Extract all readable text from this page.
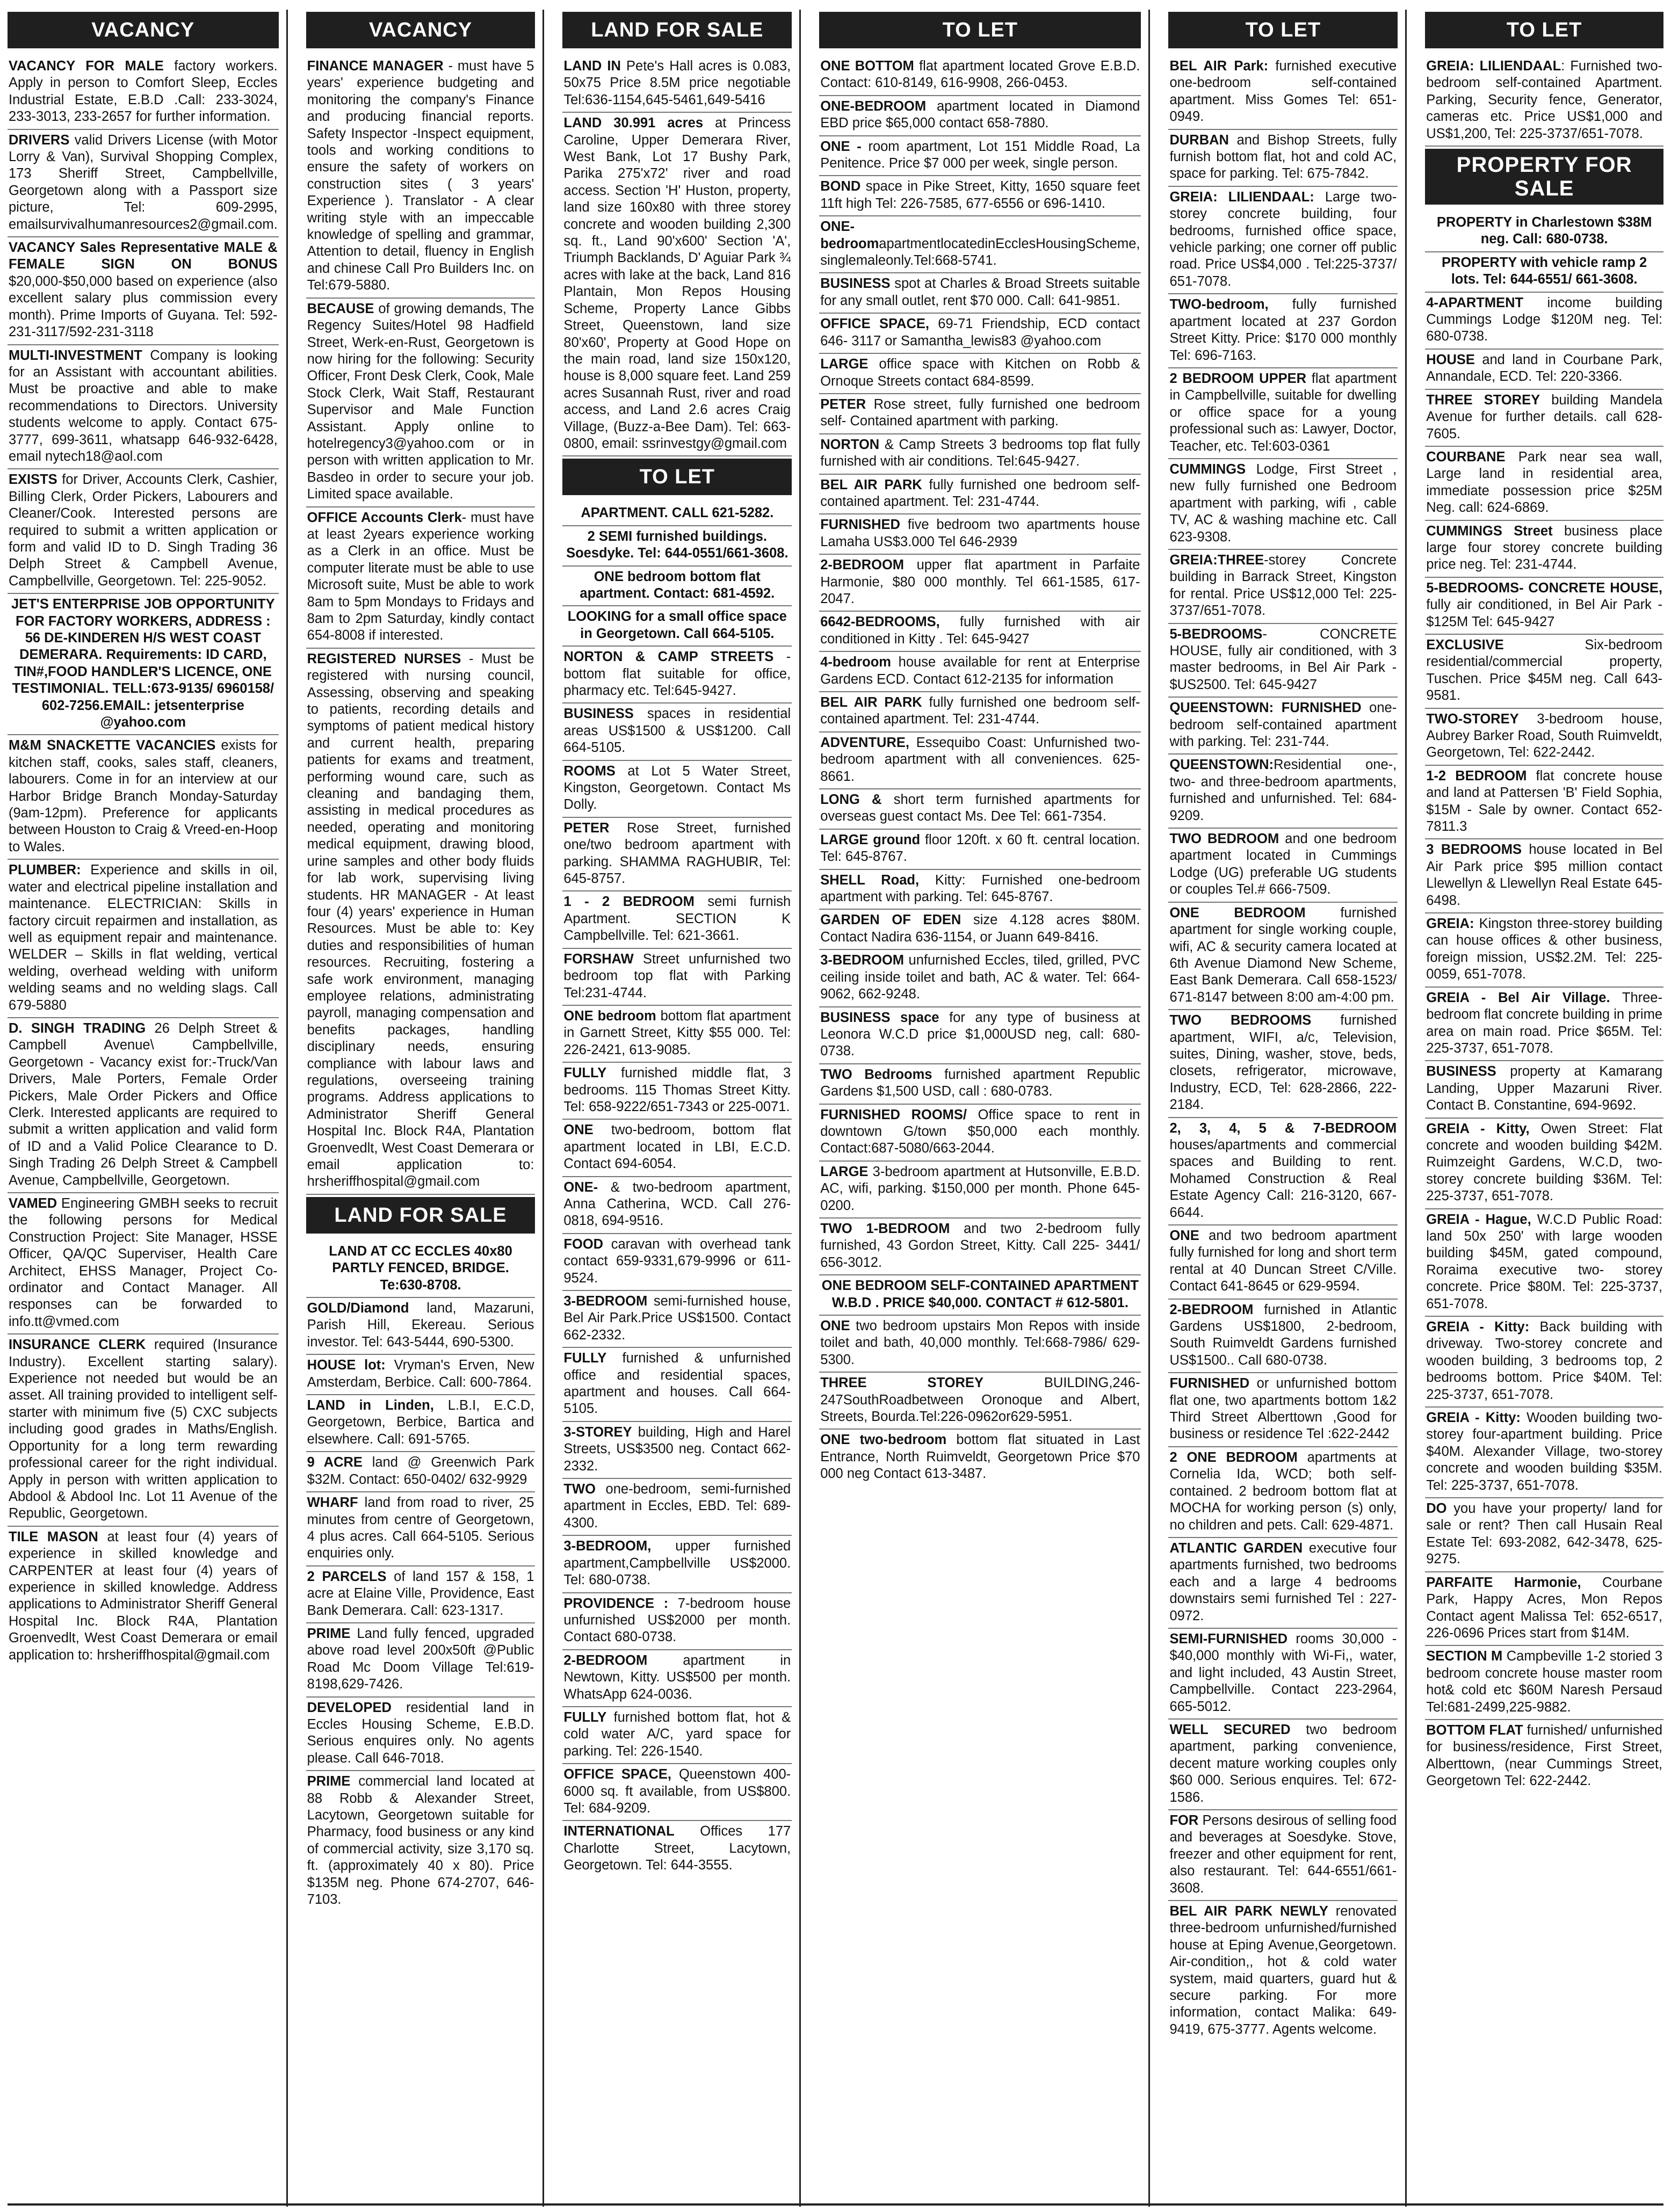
VACANCY

VACANCY FOR MALE factory workers. Apply in person to Comfort Sleep, Eccles Industrial Estate, E.B.D .Call: 233-3024, 233-3013, 233-2657 for further information.

DRIVERS valid Drivers License (with Motor Lorry & Van), Survival Shopping Complex, 173 Sheriff Street, Campbellville, Georgetown along with a Passport size picture, Tel: 609-2995, emailsurvivalhumanresources2@gmail.com.

VACANCY Sales Representative MALE & FEMALE SIGN ON BONUS $20,000-$50,000 based on experience (also excellent salary plus commission every month). Prime Imports of Guyana. Tel: 592-231-3117/592-231-3118

MULTI-INVESTMENT Company is looking for an Assistant with accountant abilities. Must be proactive and able to make recommendations to Directors. University students welcome to apply. Contact 675-3777, 699-3611, whatsapp 646-932-6428, email nytech18@aol.com

EXISTS for Driver, Accounts Clerk, Cashier, Billing Clerk, Order Pickers, Labourers and Cleaner/Cook. Interested persons are required to submit a written application or form and valid ID to D. Singh Trading 36 Delph Street & Campbell Avenue, Campbellville, Georgetown. Tel: 225-9052.

JET'S ENTERPRISE JOB OPPORTUNITY FOR FACTORY WORKERS, ADDRESS : 56 DE-KINDEREN H/S WEST COAST DEMERARA. Requirements: ID CARD, TIN#,FOOD HANDLER'S LICENCE, ONE TESTIMONIAL. TELL:673-9135/ 6960158/ 602-7256.EMAIL: jetsenterprise @yahoo.com

M&M SNACKETTE VACANCIES exists for kitchen staff, cooks, sales staff, cleaners, labourers. Come in for an interview at our Harbor Bridge Branch Monday-Saturday (9am-12pm). Preference for applicants between Houston to Craig & Vreed-en-Hoop to Wales.

PLUMBER: Experience and skills in oil, water and electrical pipeline installation and maintenance. ELECTRICIAN: Skills in factory circuit repairmen and installation, as well as equipment repair and maintenance. WELDER – Skills in flat welding, vertical welding, overhead welding with uniform welding seams and no welding slags. Call 679-5880

D. SINGH TRADING 26 Delph Street & Campbell Avenue\ Campbellville, Georgetown - Vacancy exist for:-Truck/Van Drivers, Male Porters, Female Order Pickers, Male Order Pickers and Office Clerk. Interested applicants are required to submit a written application and valid form of ID and a Valid Police Clearance to D. Singh Trading 26 Delph Street & Campbell Avenue, Campbellville, Georgetown.

VAMED Engineering GMBH seeks to recruit the following persons for Medical Construction Project: Site Manager, HSSE Officer, QA/QC Superviser, Health Care Architect, EHSS Manager, Project Co-ordinator and Contact Manager. All responses can be forwarded to info.tt@vmed.com

INSURANCE CLERK required (Insurance Industry). Excellent starting salary). Experience not needed but would be an asset. All training provided to intelligent self-starter with minimum five (5) CXC subjects including good grades in Maths/English. Opportunity for a long term rewarding professional career for the right individual. Apply in person with written application to Abdool & Abdool Inc. Lot 11 Avenue of the Republic, Georgetown.

TILE MASON at least four (4) years of experience in skilled knowledge and CARPENTER at least four (4) years of experience in skilled knowledge. Address applications to Administrator Sheriff General Hospital Inc. Block R4A, Plantation Groenvedlt, West Coast Demerara or email application to: hrsheriffhospital@gmail.com

VACANCY

FINANCE MANAGER - must have 5 years' experience budgeting and monitoring the company's Finance and producing financial reports. Safety Inspector -Inspect equipment, tools and working conditions to ensure the safety of workers on construction sites ( 3 years' Experience ). Translator - A clear writing style with an impeccable knowledge of spelling and grammar, Attention to detail, fluency in English and chinese Call Pro Builders Inc. on Tel:679-5880.

BECAUSE of growing demands, The Regency Suites/Hotel 98 Hadfield Street, Werk-en-Rust, Georgetown is now hiring for the following: Security Officer, Front Desk Clerk, Cook, Male Stock Clerk, Wait Staff, Restaurant Supervisor and Male Function Assistant. Apply online to hotelregency3@yahoo.com or in person with written application to Mr. Basdeo in order to secure your job. Limited space available.

OFFICE Accounts Clerk- must have at least 2years experience working as a Clerk in an office. Must be computer literate must be able to use Microsoft suite, Must be able to work 8am to 5pm Mondays to Fridays and 8am to 2pm Saturday, kindly contact 654-8008 if interested.

REGISTERED NURSES - Must be registered with nursing council, Assessing, observing and speaking to patients, recording details and symptoms of patient medical history and current health, preparing patients for exams and treatment, performing wound care, such as cleaning and bandaging them, assisting in medical procedures as needed, operating and monitoring medical equipment, drawing blood, urine samples and other body fluids for lab work, supervising living students. HR MANAGER - At least four (4) years' experience in Human Resources. Must be able to: Key duties and responsibilities of human resources. Recruiting, fostering a safe work environment, managing employee relations, administrating payroll, managing compensation and benefits packages, handling disciplinary needs, ensuring compliance with labour laws and regulations, overseeing training programs. Address applications to Administrator Sheriff General Hospital Inc. Block R4A, Plantation Groenvedlt, West Coast Demerara or email application to: hrsheriffhospital@gmail.com

LAND FOR SALE

LAND AT CC ECCLES 40x80 PARTLY FENCED, BRIDGE. Te:630-8708.

GOLD/Diamond land, Mazaruni, Parish Hill, Ekereau. Serious investor. Tel: 643-5444, 690-5300.

HOUSE lot: Vryman's Erven, New Amsterdam, Berbice. Call: 600-7864.

LAND in Linden, L.B.I, E.C.D, Georgetown, Berbice, Bartica and elsewhere. Call: 691-5765.

9 ACRE land @ Greenwich Park $32M. Contact: 650-0402/ 632-9929

WHARF land from road to river, 25 minutes from centre of Georgetown, 4 plus acres. Call 664-5105. Serious enquiries only.

2 PARCELS of land 157 & 158, 1 acre at Elaine Ville, Providence, East Bank Demerara. Call: 623-1317.

PRIME Land fully fenced, upgraded above road level 200x50ft @Public Road Mc Doom Village Tel:619-8198,629-7426.

DEVELOPED residential land in Eccles Housing Scheme, E.B.D. Serious enquires only. No agents please. Call 646-7018.

PRIME commercial land located at 88 Robb & Alexander Street, Lacytown, Georgetown suitable for Pharmacy, food business or any kind of commercial activity, size 3,170 sq. ft. (approximately 40 x 80). Price $135M neg. Phone 674-2707, 646-7103.

LAND FOR SALE

LAND IN Pete's Hall acres is 0.083, 50x75 Price 8.5M price negotiable Tel:636-1154,645-5461,649-5416

LAND 30.991 acres at Princess Caroline, Upper Demerara River, West Bank, Lot 17 Bushy Park, Parika 275'x72' river and road access. Section 'H' Huston, property, land size 160x80 with three storey concrete and wooden building 2,300 sq. ft., Land 90'x600' Section 'A', Triumph Backlands, D' Aguiar Park ¾ acres with lake at the back, Land 816 Plantain, Mon Repos Housing Scheme, Property Lance Gibbs Street, Queenstown, land size 80'x60', Property at Good Hope on the main road, land size 150x120, house is 8,000 square feet. Land 259 acres Susannah Rust, river and road access, and Land 2.6 acres Craig Village, (Buzz-a-Bee Dam). Tel: 663-0800, email: ssrinvestgy@gmail.com

TO LET

APARTMENT. CALL 621-5282.

2 SEMI furnished buildings. Soesdyke. Tel: 644-0551/661-3608.

ONE bedroom bottom flat apartment. Contact: 681-4592.

LOOKING for a small office space in Georgetown. Call 664-5105.

NORTON & CAMP STREETS - bottom flat suitable for office, pharmacy etc. Tel:645-9427.

BUSINESS spaces in residential areas US$1500 & US$1200. Call 664-5105.

ROOMS at Lot 5 Water Street, Kingston, Georgetown. Contact Ms Dolly.

PETER Rose Street, furnished one/two bedroom apartment with parking. SHAMMA RAGHUBIR, Tel: 645-8757.

1 - 2 BEDROOM semi furnish Apartment. SECTION K Campbellville. Tel: 621-3661.

FORSHAW Street unfurnished two bedroom top flat with Parking Tel:231-4744.

ONE bedroom bottom flat apartment in Garnett Street, Kitty $55 000. Tel: 226-2421, 613-9085.

FULLY furnished middle flat, 3 bedrooms. 115 Thomas Street Kitty. Tel: 658-9222/651-7343 or 225-0071.

ONE two-bedroom, bottom flat apartment located in LBI, E.C.D. Contact 694-6054.

ONE- & two-bedroom apartment, Anna Catherina, WCD. Call 276-0818, 694-9516.

FOOD caravan with overhead tank contact 659-9331,679-9996 or 611-9524.

3-BEDROOM semi-furnished house, Bel Air Park.Price US$1500. Contact 662-2332.

FULLY furnished & unfurnished office and residential spaces, apartment and houses. Call 664-5105.

3-STOREY building, High and Harel Streets, US$3500 neg. Contact 662-2332.

TWO one-bedroom, semi-furnished apartment in Eccles, EBD. Tel: 689-4300.

3-BEDROOM, upper furnished apartment,Campbellville US$2000. Tel: 680-0738.

PROVIDENCE : 7-bedroom house unfurnished US$2000 per month. Contact 680-0738.

2-BEDROOM apartment in Newtown, Kitty. US$500 per month. WhatsApp 624-0036.

FULLY furnished bottom flat, hot & cold water A/C, yard space for parking. Tel: 226-1540.

OFFICE SPACE, Queenstown 400-6000 sq. ft available, from US$800. Tel: 684-9209.

INTERNATIONAL Offices 177 Charlotte Street, Lacytown, Georgetown. Tel: 644-3555.

TO LET

ONE BOTTOM flat apartment located Grove E.B.D. Contact: 610-8149, 616-9908, 266-0453.

ONE-BEDROOM apartment located in Diamond EBD price $65,000 contact 658-7880.

ONE - room apartment, Lot 151 Middle Road, La Penitence. Price $7 000 per week, single person.

BOND space in Pike Street, Kitty, 1650 square feet 11ft high Tel: 226-7585, 677-6556 or 696-1410.

ONE-bedroomapartmentlocatedinEcclesHousingScheme, singlemaleonly.Tel:668-5741.

BUSINESS spot at Charles & Broad Streets suitable for any small outlet, rent $70 000. Call: 641-9851.

OFFICE SPACE, 69-71 Friendship, ECD contact 646- 3117 or Samantha_lewis83 @yahoo.com

LARGE office space with Kitchen on Robb & Ornoque Streets contact 684-8599.

PETER Rose street, fully furnished one bedroom self- Contained apartment with parking.

NORTON & Camp Streets 3 bedrooms top flat fully furnished with air conditions. Tel:645-9427.

BEL AIR PARK fully furnished one bedroom self-contained apartment. Tel: 231-4744.

FURNISHED five bedroom two apartments house Lamaha US$3.000 Tel 646-2939

2-BEDROOM upper flat apartment in Parfaite Harmonie, $80 000 monthly. Tel 661-1585, 617-2047.

6642-BEDROOMS, fully furnished with air conditioned in Kitty . Tel: 645-9427

4-bedroom house available for rent at Enterprise Gardens ECD. Contact 612-2135 for information

BEL AIR PARK fully furnished one bedroom self-contained apartment. Tel: 231-4744.

ADVENTURE, Essequibo Coast: Unfurnished two-bedroom apartment with all conveniences. 625-8661.

LONG & short term furnished apartments for overseas guest contact Ms. Dee Tel: 661-7354.

LARGE ground floor 120ft. x 60 ft. central location. Tel: 645-8767.

SHELL Road, Kitty: Furnished one-bedroom apartment with parking. Tel: 645-8767.

GARDEN OF EDEN size 4.128 acres $80M. Contact Nadira 636-1154, or Juann 649-8416.

3-BEDROOM unfurnished Eccles, tiled, grilled, PVC ceiling inside toilet and bath, AC & water. Tel: 664-9062, 662-9248.

BUSINESS space for any type of business at Leonora W.C.D price $1,000USD neg, call: 680-0738.

TWO Bedrooms furnished apartment Republic Gardens $1,500 USD, call : 680-0783.

FURNISHED ROOMS/ Office space to rent in downtown G/town $50,000 each monthly. Contact:687-5080/663-2044.

LARGE 3-bedroom apartment at Hutsonville, E.B.D. AC, wifi, parking. $150,000 per month. Phone 645-0200.

TWO 1-BEDROOM and two 2-bedroom fully furnished, 43 Gordon Street, Kitty. Call 225- 3441/ 656-3012.

ONE BEDROOM SELF-CONTAINED APARTMENT W.B.D . PRICE $40,000. CONTACT # 612-5801.

ONE two bedroom upstairs Mon Repos with inside toilet and bath, 40,000 monthly. Tel:668-7986/ 629-5300.

THREE STOREY BUILDING,246-247SouthRoadbetween Oronoque and Albert, Streets, Bourda.Tel:226-0962or629-5951.

ONE two-bedroom bottom flat situated in Last Entrance, North Ruimveldt, Georgetown Price $70 000 neg Contact 613-3487.

TO LET

BEL AIR Park: furnished executive one-bedroom self-contained apartment. Miss Gomes Tel: 651-0949.

DURBAN and Bishop Streets, fully furnish bottom flat, hot and cold AC, space for parking. Tel: 675-7842.

GREIA: LILIENDAAL: Large two-storey concrete building, four bedrooms, furnished office space, vehicle parking; one corner off public road. Price US$4,000 . Tel:225-3737/ 651-7078.

TWO-bedroom, fully furnished apartment located at 237 Gordon Street Kitty. Price: $170 000 monthly Tel: 696-7163.

2 BEDROOM UPPER flat apartment in Campbellville, suitable for dwelling or office space for a young professional such as: Lawyer, Doctor, Teacher, etc. Tel:603-0361

CUMMINGS Lodge, First Street , new fully furnished one Bedroom apartment with parking, wifi , cable TV, AC & washing machine etc. Call 623-9308.

GREIA:THREE-storey Concrete building in Barrack Street, Kingston for rental. Price US$12,000 Tel: 225-3737/651-7078.

5-BEDROOMS- CONCRETE HOUSE, fully air conditioned, with 3 master bedrooms, in Bel Air Park - $US2500. Tel: 645-9427

QUEENSTOWN: FURNISHED one-bedroom self-contained apartment with parking. Tel: 231-744.

QUEENSTOWN:Residential one-, two- and three-bedroom apartments, furnished and unfurnished. Tel: 684-9209.

TWO BEDROOM and one bedroom apartment located in Cummings Lodge (UG) preferable UG students or couples Tel.# 666-7509.

ONE BEDROOM furnished apartment for single working couple, wifi, AC & security camera located at 6th Avenue Diamond New Scheme, East Bank Demerara. Call 658-1523/ 671-8147 between 8:00 am-4:00 pm.

TWO BEDROOMS furnished apartment, WIFI, a/c, Television, suites, Dining, washer, stove, beds, closets, refrigerator, microwave, Industry, ECD, Tel: 628-2866, 222-2184.

2, 3, 4, 5 & 7-BEDROOM houses/apartments and commercial spaces and Building to rent. Mohamed Construction & Real Estate Agency Call: 216-3120, 667-6644.

ONE and two bedroom apartment fully furnished for long and short term rental at 40 Duncan Street C/Ville. Contact 641-8645 or 629-9594.

2-BEDROOM furnished in Atlantic Gardens US$1800, 2-bedroom, South Ruimveldt Gardens furnished US$1500.. Call 680-0738.

FURNISHED or unfurnished bottom flat one, two apartments bottom 1&2 Third Street Alberttown ,Good for business or residence Tel :622-2442

2 ONE BEDROOM apartments at Cornelia Ida, WCD; both self-contained. 2 bedroom bottom flat at MOCHA for working person (s) only, no children and pets. Call: 629-4871.

ATLANTIC GARDEN executive four apartments furnished, two bedrooms each and a large 4 bedrooms downstairs semi furnished Tel : 227-0972.

SEMI-FURNISHED rooms 30,000 - $40,000 monthly with Wi-Fi,, water, and light included, 43 Austin Street, Campbellville. Contact 223-2964, 665-5012.

WELL SECURED two bedroom apartment, parking convenience, decent mature working couples only $60 000. Serious enquires. Tel: 672-1586.

FOR Persons desirous of selling food and beverages at Soesdyke. Stove, freezer and other equipment for rent, also restaurant. Tel: 644-6551/661-3608.

BEL AIR PARK NEWLY renovated three-bedroom unfurnished/furnished house at Eping Avenue,Georgetown. Air-condition,, hot & cold water system, maid quarters, guard hut & secure parking. For more information, contact Malika: 649-9419, 675-3777. Agents welcome.

TO LET

GREIA: LILIENDAAL: Furnished two-bedroom self-contained Apartment. Parking, Security fence, Generator, cameras etc. Price US$1,000 and US$1,200, Tel: 225-3737/651-7078.

PROPERTY FOR SALE

PROPERTY in Charlestown $38M neg. Call: 680-0738.

PROPERTY with vehicle ramp 2 lots. Tel: 644-6551/ 661-3608.

4-APARTMENT income building Cummings Lodge $120M neg. Tel: 680-0738.

HOUSE and land in Courbane Park, Annandale, ECD. Tel: 220-3366.

THREE STOREY building Mandela Avenue for further details. call 628-7605.

COURBANE Park near sea wall, Large land in residential area, immediate possession price $25M Neg. call: 624-6869.

CUMMINGS Street business place large four storey concrete building price neg. Tel: 231-4744.

5-BEDROOMS- CONCRETE HOUSE, fully air conditioned, in Bel Air Park - $125M Tel: 645-9427

EXCLUSIVE Six-bedroom residential/commercial property, Tuschen. Price $45M neg. Call 643-9581.

TWO-STOREY 3-bedroom house, Aubrey Barker Road, South Ruimveldt, Georgetown, Tel: 622-2442.

1-2 BEDROOM flat concrete house and land at Pattersen 'B' Field Sophia, $15M - Sale by owner. Contact 652-7811.3

3 BEDROOMS house located in Bel Air Park price $95 million contact Llewellyn & Llewellyn Real Estate 645-6498.

GREIA: Kingston three-storey building can house offices & other business, foreign mission, US$2.2M. Tel: 225-0059, 651-7078.

GREIA - Bel Air Village. Three-bedroom flat concrete building in prime area on main road. Price $65M. Tel: 225-3737, 651-7078.

BUSINESS property at Kamarang Landing, Upper Mazaruni River. Contact B. Constantine, 694-9692.

GREIA - Kitty, Owen Street: Flat concrete and wooden building $42M. Ruimzeight Gardens, W.C.D, two-storey concrete building $36M. Tel: 225-3737, 651-7078.

GREIA - Hague, W.C.D Public Road: land 50x 250' with large wooden building $45M, gated compound, Roraima executive two- storey concrete. Price $80M. Tel: 225-3737, 651-7078.

GREIA - Kitty: Back building with driveway. Two-storey concrete and wooden building, 3 bedrooms top, 2 bedrooms bottom. Price $40M. Tel: 225-3737, 651-7078.

GREIA - Kitty: Wooden building two-storey four-apartment building. Price $40M. Alexander Village, two-storey concrete and wooden building $35M. Tel: 225-3737, 651-7078.

DO you have your property/ land for sale or rent? Then call Husain Real Estate Tel: 693-2082, 642-3478, 625-9275.

PARFAITE Harmonie, Courbane Park, Happy Acres, Mon Repos Contact agent Malissa Tel: 652-6517, 226-0696 Prices start from $14M.

SECTION M Campbeville 1-2 storied 3 bedroom concrete house master room hot& cold etc $60M Naresh Persaud Tel:681-2499,225-9882.

BOTTOM FLAT furnished/ unfurnished for business/residence, First Street, Alberttown, (near Cummings Street, Georgetown Tel: 622-2442.
